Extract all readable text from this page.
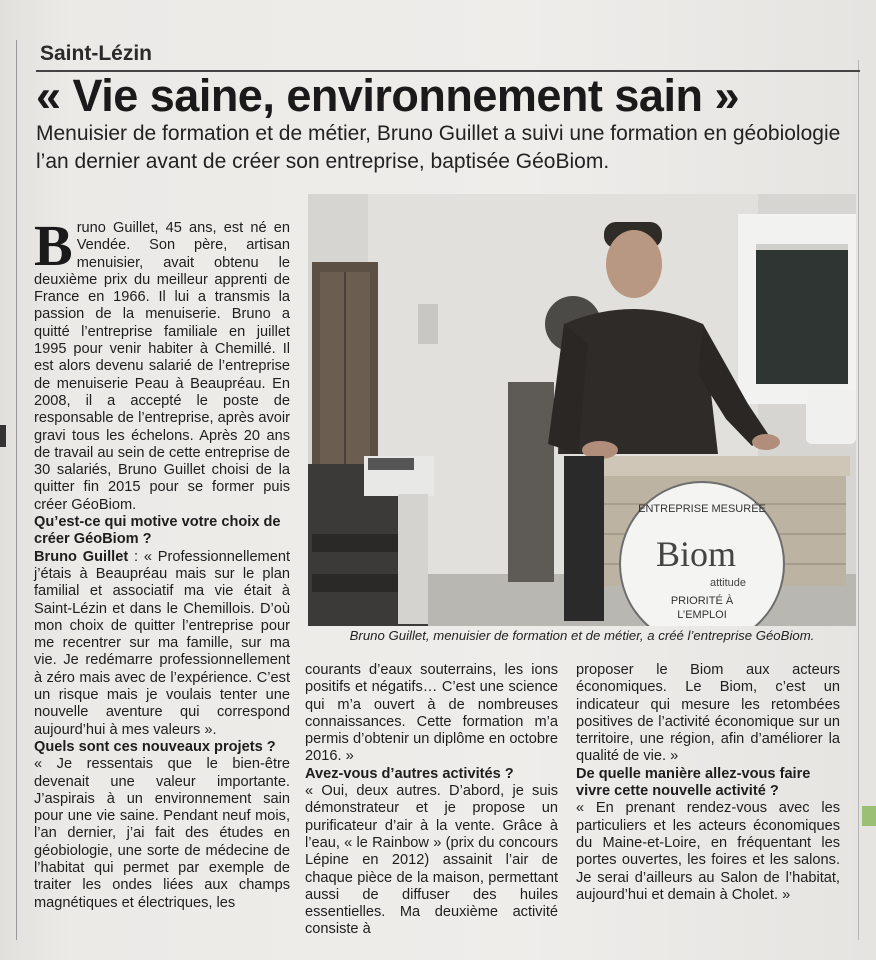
Saint-Lézin
« Vie saine, environnement sain »
Menuisier de formation et de métier, Bruno Guillet a suivi une formation en géobiologie l’an dernier avant de créer son entreprise, baptisée GéoBiom.
ENTREPRISE MESURÉE
Biom
attitude
PRIORITÉ À
L’EMPLOI
Bruno Guillet, menuisier de formation et de métier, a créé l’entreprise GéoBiom.

Bruno Guillet, 45 ans, est né en Vendée. Son père, artisan menuisier, avait obtenu le deuxième prix du meilleur apprenti de France en 1966. Il lui a transmis la passion de la menuiserie. Bruno a quitté l’entreprise familiale en juillet 1995 pour venir habiter à Chemillé. Il est alors devenu salarié de l’entreprise de menuiserie Peau à Beaupréau. En 2008, il a accepté le poste de responsable de l’entreprise, après avoir gravi tous les échelons. Après 20 ans de travail au sein de cette entreprise de 30 salariés, Bruno Guillet choisi de la quitter fin 2015 pour se former puis créer GéoBiom.

Qu’est-ce qui motive votre choix de créer GéoBiom ?

Bruno Guillet : « Professionnellement j’étais à Beaupréau mais sur le plan familial et associatif ma vie était à Saint-Lézin et dans le Chemillois. D’où mon choix de quitter l’entreprise pour me recentrer sur ma famille, sur ma vie. Je redémarre professionnellement à zéro mais avec de l’expérience. C’est un risque mais je voulais tenter une nouvelle aventure qui correspond aujourd’hui à mes valeurs ».

Quels sont ces nouveaux projets ?

« Je ressentais que le bien-être devenait une valeur importante. J’aspirais à un environnement sain pour une vie saine. Pendant neuf mois, l’an dernier, j’ai fait des études en géobiologie, une sorte de médecine de l’habitat qui permet par exemple de traiter les ondes liées aux champs magnétiques et électriques, les

courants d’eaux souterrains, les ions positifs et négatifs… C’est une science qui m’a ouvert à de nombreuses connaissances. Cette formation m’a permis d’obtenir un diplôme en octobre 2016. »

Avez-vous d’autres activités ?

« Oui, deux autres. D’abord, je suis démonstrateur et je propose un purificateur d’air à la vente. Grâce à l’eau, « le Rainbow » (prix du concours Lépine en 2012) assainit l’air de chaque pièce de la maison, permettant aussi de diffuser des huiles essentielles. Ma deuxième activité consiste à

proposer le Biom aux acteurs économiques. Le Biom, c’est un indicateur qui mesure les retombées positives de l’activité économique sur un territoire, une région, afin d’améliorer la qualité de vie. »

De quelle manière allez-vous faire vivre cette nouvelle activité ?

« En prenant rendez-vous avec les particuliers et les acteurs économiques du Maine-et-Loire, en fréquentant les portes ouvertes, les foires et les salons. Je serai d’ailleurs au Salon de l’habitat, aujourd’hui et demain à Cholet. »
